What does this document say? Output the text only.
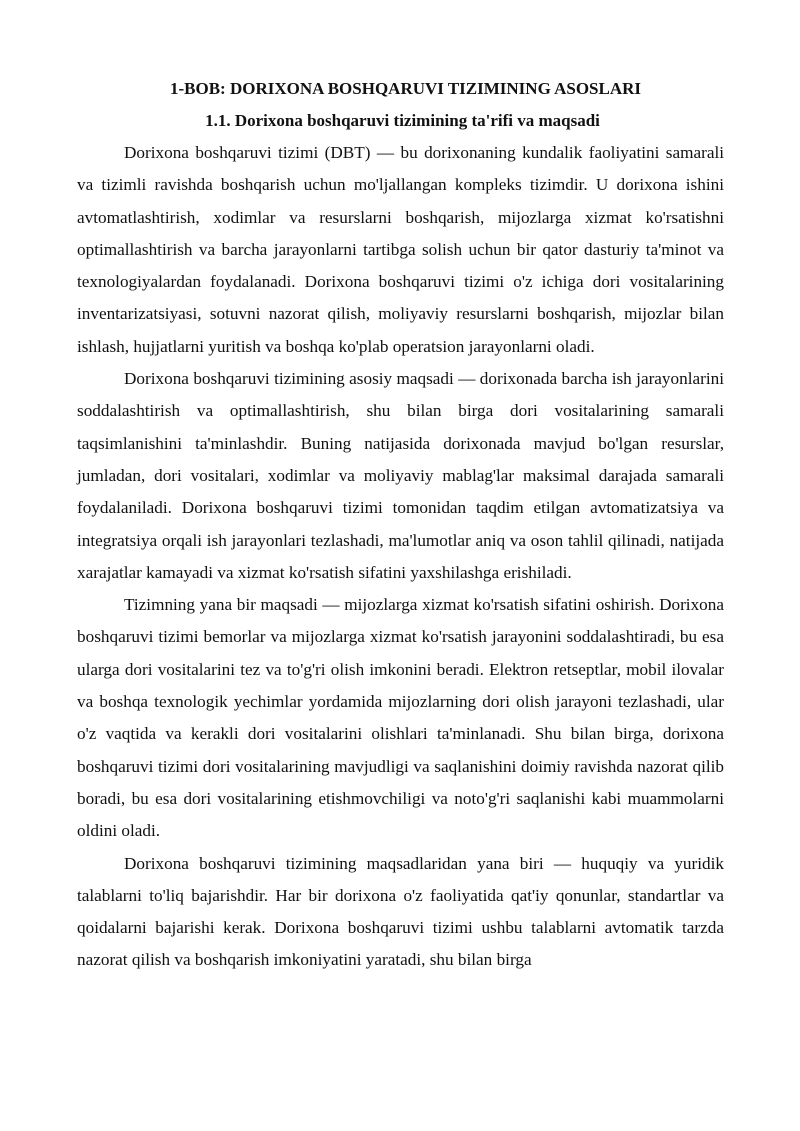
1-BOB: DORIXONA BOSHQARUVI TIZIMINING ASOSLARI
1.1. Dorixona boshqaruvi tizimining ta'rifi va maqsadi

Dorixona boshqaruvi tizimi (DBT) — bu dorixonaning kundalik faoliyatini samarali va tizimli ravishda boshqarish uchun mo'ljallangan kompleks tizimdir. U dorixona ishini avtomatlashtirish, xodimlar va resurslarni boshqarish, mijozlarga xizmat ko'rsatishni optimallashtirish va barcha jarayonlarni tartibga solish uchun bir qator dasturiy ta'minot va texnologiyalardan foydalanadi. Dorixona boshqaruvi tizimi o'z ichiga dori vositalarining inventarizatsiyasi, sotuvni nazorat qilish, moliyaviy resurslarni boshqarish, mijozlar bilan ishlash, hujjatlarni yuritish va boshqa ko'plab operatsion jarayonlarni oladi.

Dorixona boshqaruvi tizimining asosiy maqsadi — dorixonada barcha ish jarayonlarini soddalashtirish va optimallashtirish, shu bilan birga dori vositalarining samarali taqsimlanishini ta'minlashdir. Buning natijasida dorixonada mavjud bo'lgan resurslar, jumladan, dori vositalari, xodimlar va moliyaviy mablag'lar maksimal darajada samarali foydalaniladi. Dorixona boshqaruvi tizimi tomonidan taqdim etilgan avtomatizatsiya va integratsiya orqali ish jarayonlari tezlashadi, ma'lumotlar aniq va oson tahlil qilinadi, natijada xarajatlar kamayadi va xizmat ko'rsatish sifatini yaxshilashga erishiladi.

Tizimning yana bir maqsadi — mijozlarga xizmat ko'rsatish sifatini oshirish. Dorixona boshqaruvi tizimi bemorlar va mijozlarga xizmat ko'rsatish jarayonini soddalashtiradi, bu esa ularga dori vositalarini tez va to'g'ri olish imkonini beradi. Elektron retseptlar, mobil ilovalar va boshqa texnologik yechimlar yordamida mijozlarning dori olish jarayoni tezlashadi, ular o'z vaqtida va kerakli dori vositalarini olishlari ta'minlanadi. Shu bilan birga, dorixona boshqaruvi tizimi dori vositalarining mavjudligi va saqlanishini doimiy ravishda nazorat qilib boradi, bu esa dori vositalarining etishmovchiligi va noto'g'ri saqlanishi kabi muammolarni oldini oladi.

Dorixona boshqaruvi tizimining maqsadlaridan yana biri — huquqiy va yuridik talablarni to'liq bajarishdir. Har bir dorixona o'z faoliyatida qat'iy qonunlar, standartlar va qoidalarni bajarishi kerak. Dorixona boshqaruvi tizimi ushbu talablarni avtomatik tarzda nazorat qilish va boshqarish imkoniyatini yaratadi, shu bilan birga
